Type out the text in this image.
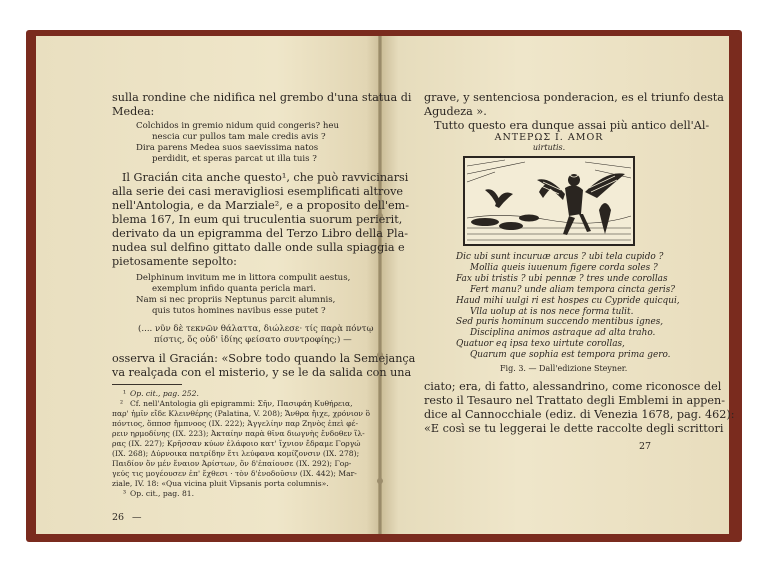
sulla rondine che nidifica nel grembo d'una statua di
Medea:
Colchidos in gremio nidum quid congeris? heu
nescia cur pullos tam male credis avis ?
Dira parens Medea suos saevissima natos
perdidit, et speras parcat ut illa tuis ?
Il Gracián cita anche questo¹, che può ravvicinarsi
alla serie dei casi meravigliosi esemplificati altrove
nell'Antologia, e da Marziale², e a proposito dell'em-
blema 167, In eum qui truculentia suorum perierit,
derivato da un epigramma del Terzo Libro della Pla-
nudea sul delfino gittato dalle onde sulla spiaggia e
pietosamente sepolto:
Delphinum invitum me in littora compulit aestus,
exemplum infido quanta pericla mari.
Nam si nec propriis Neptunus parcit alumnis,
quis tutos homines navibus esse putet ?
(.... νῦν δὲ τεκνῶν θάλαττα, διώλεσε· τίς παρὰ πόντῳ
πίστις, ὅς οὐδ' ἰδίης φείσατο συντροφίης;) —
osserva il Gracián: «Sobre todo quando la Semejança
va realçada con el misterio, y se le da salida con una
Op. cit., pag. 252.
Cf. nell'Antologia gli epigrammi: Σῆν, Πασιφάη Κυθήρεια,
παρ' ἡμῖν εἴδε Κλεινθέρης (Palatina, V. 208); Ἄνθρα ἤιχε, χρόνιον ὃ
πόντιος, ὅπποσ ἤμπνοος (IX. 222); Ἀγγελίην παρ Ζηνὸς ἐπεὶ φέ-
ρειν ηρμοδίνης (IX. 223); Ἀκταίην παρὰ θῖνα διωγνὴς ἔνδοθεν ἵλ-
ρας (IX. 227); Κρῆσσαν κύων ἐλάφοιο κατ' ἴχνιον ἔδραμε Γοργώ
(IX. 268); Δύρνοικα πατρίδην ἔτι λεύφανα κομίζονσιν (IX. 278);
Παιδίον ὅν μέν ἔναιον Ἀρίστων, ὅν δ'ἐπαίουσε (IX. 292); Γορ-
γεύς τις μογέουσεν ἐπ' ἔχθεσι · τὸν δ'ἐνοδοῦσιν (IX. 442); Mar-
ziale, IV. 18: «Qua vicina pluit Vipsanis porta columnis».
Op. cit., pag. 81.
¹
²
³
26 —
grave, y sentenciosa ponderacion, es el triunfo desta
Agudeza ».
Tutto questo era dunque assai più antico dell'Al-
ΑΝΤΕΡΩΣ Ι. AMOR
uirtutis.
Dic ubi sunt incuruæ arcus ? ubi tela cupido ?
Mollia queis iuuenum figere corda soles ?
Fax ubi tristis ? ubi pennæ ? tres unde corollas
Fert manu? unde aliam tempora cincta geris?
Haud mihi uulgi ri est hospes cu Cypride quicqui,
Vlla uolup at is nos nece forma tulit.
Sed puris hominum succendo mentibus ignes,
Disciplina animos astraque ad alta traho.
Quatuor eq ipsa texo uirtute corollas,
Quarum que sophia est tempora prima gero.
Fig. 3. — Dall'edizione Steyner.
ciato; era, di fatto, alessandrino, come riconosce del
resto il Tesauro nel Trattato degli Emblemi in appen-
dice al Cannocchiale (ediz. di Venezia 1678, pag. 462):
«E così se tu leggerai le dette raccolte degli scrittori
27
